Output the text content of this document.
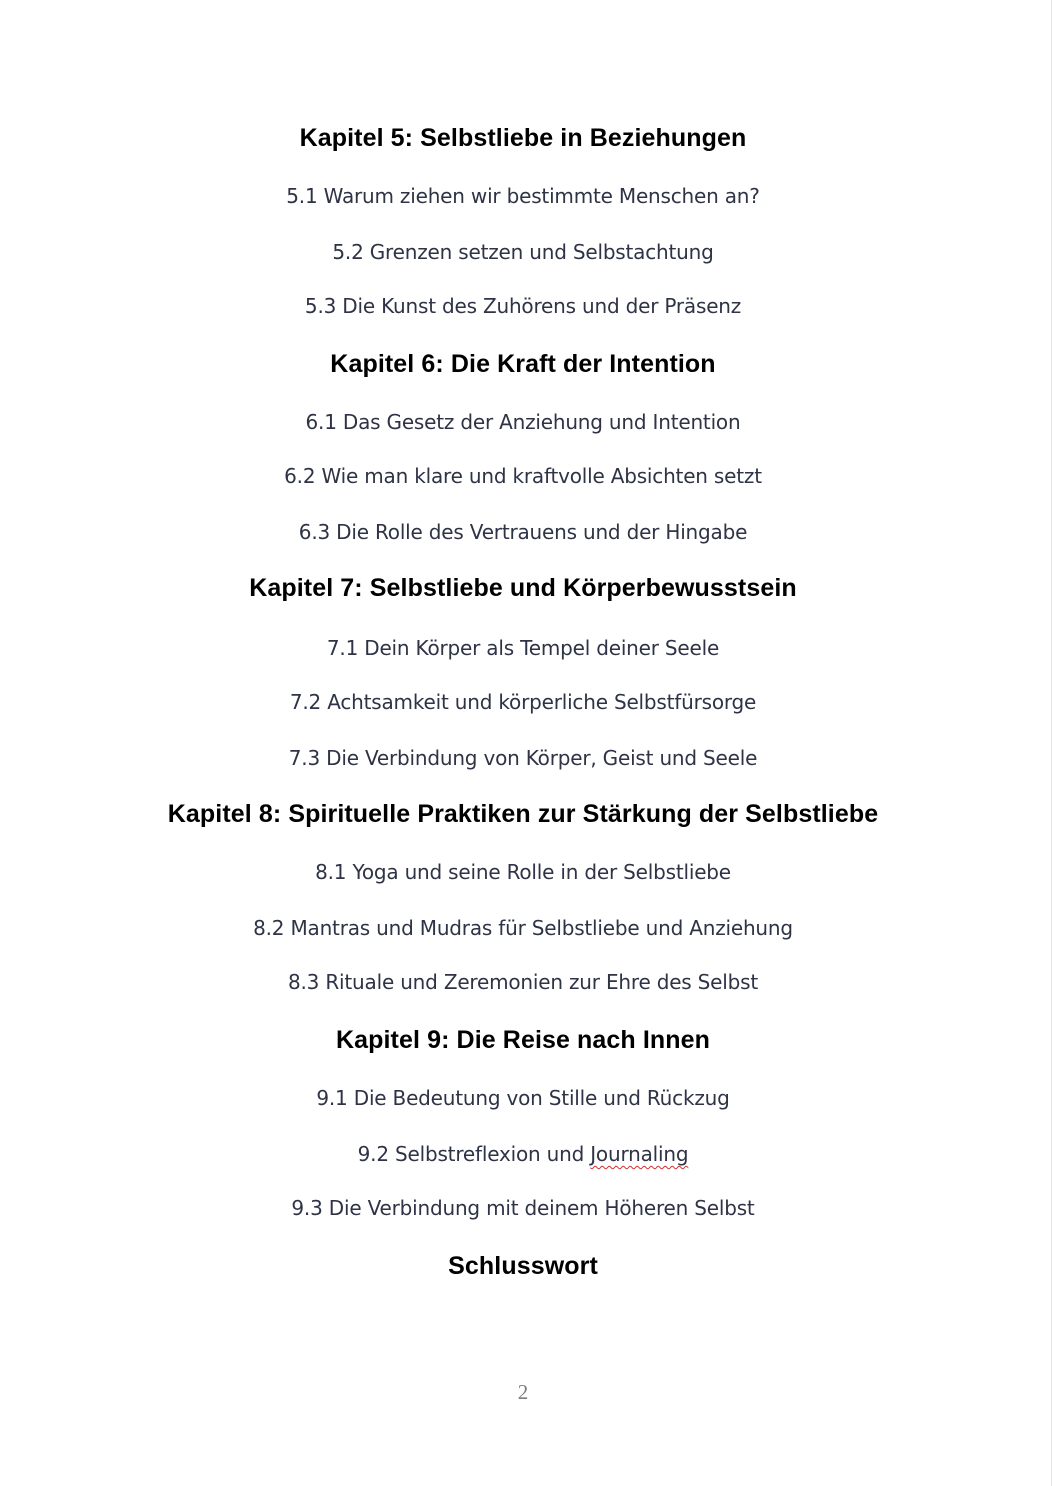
Kapitel 5: Selbstliebe in Beziehungen
5.1 Warum ziehen wir bestimmte Menschen an?
5.2 Grenzen setzen und Selbstachtung
5.3 Die Kunst des Zuhörens und der Präsenz
Kapitel 6: Die Kraft der Intention
6.1 Das Gesetz der Anziehung und Intention
6.2 Wie man klare und kraftvolle Absichten setzt
6.3 Die Rolle des Vertrauens und der Hingabe
Kapitel 7: Selbstliebe und Körperbewusstsein
7.1 Dein Körper als Tempel deiner Seele
7.2 Achtsamkeit und körperliche Selbstfürsorge
7.3 Die Verbindung von Körper, Geist und Seele
Kapitel 8: Spirituelle Praktiken zur Stärkung der Selbstliebe
8.1 Yoga und seine Rolle in der Selbstliebe
8.2 Mantras und Mudras für Selbstliebe und Anziehung
8.3 Rituale und Zeremonien zur Ehre des Selbst
Kapitel 9: Die Reise nach Innen
9.1 Die Bedeutung von Stille und Rückzug
9.2 Selbstreflexion und Journaling
9.3 Die Verbindung mit deinem Höheren Selbst
Schlusswort
2
